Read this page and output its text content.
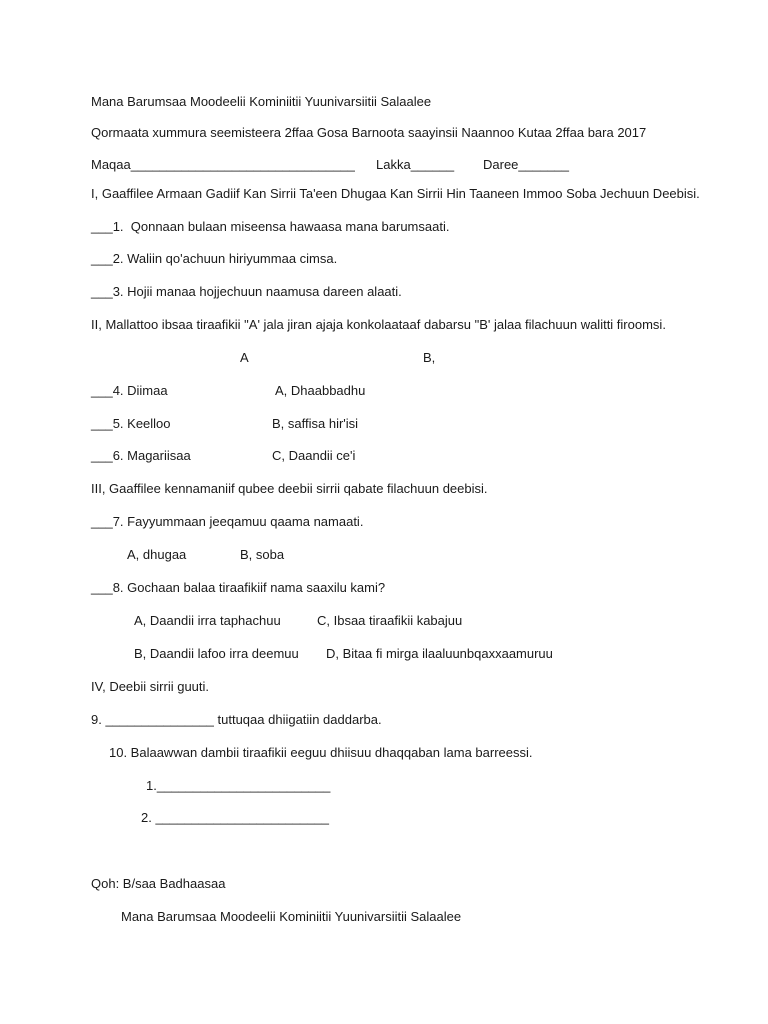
Mana Barumsaa Moodeelii Kominiitii Yuunivarsiitii Salaalee
Qormaata xummura seemisteera 2ffaa Gosa Barnoota saayinsii Naannoo Kutaa 2ffaa bara 2017
Maqaa_______________________________ Lakka______ Daree_______
I, Gaaffilee Armaan Gadiif Kan Sirrii Ta'een Dhugaa Kan Sirrii Hin Taaneen Immoo Soba Jechuun Deebisi.
___1.  Qonnaan bulaan miseensa hawaasa mana barumsaati.
___2. Waliin qo'achuun hiriyummaa cimsa.
___3. Hojii manaa hojjechuun naamusa dareen alaati.
II, Mallattoo ibsaa tiraafikii "A' jala jiran ajaja konkolaataaf dabarsu "B' jalaa filachuun walitti firoomsi.
A	B,
___4. Diimaa	A, Dhaabbadhu
___5. Keelloo	B, saffisa hir'isi
___6. Magariisaa	C, Daandii ce'i
III, Gaaffilee kennamaniif qubee deebii sirrii qabate filachuun deebisi.
___7. Fayyummaan jeeqamuu qaama namaati.
A, dhugaa	B, soba
___8. Gochaan balaa tiraafikiif nama saaxilu kami?
A, Daandii irra taphachuu	C, Ibsaa tiraafikii kabajuu
B, Daandii lafoo irra deemuu D, Bitaa fi mirga ilaaluunbqaxxaamuruu
IV, Deebii sirrii guuti.
9. _______________ tuttuqaa dhiigatiin daddarba.
10. Balaawwan dambii tiraafikii eeguu dhiisuu dhaqqaban lama barreessi.
1.________________________
2. ________________________
Qoh: B/saa Badhaasaa
Mana Barumsaa Moodeelii Kominiitii Yuunivarsiitii Salaalee
